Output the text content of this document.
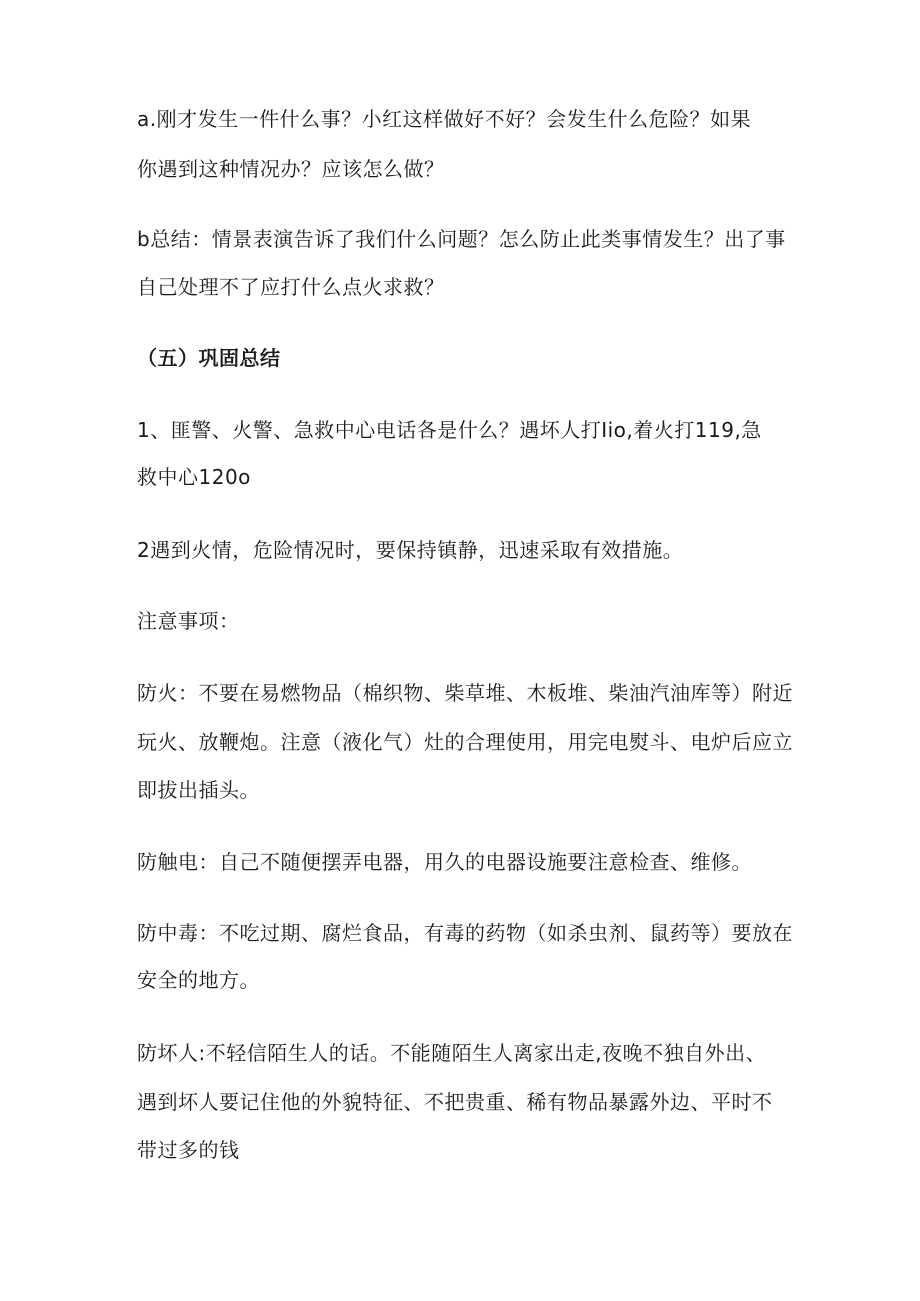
a.刚才发生一件什么事？小红这样做好不好？会发生什么危险？如果
你遇到这种情况办？应该怎么做？
b总结：情景表演告诉了我们什么问题？怎么防止此类事情发生？出了事
自己处理不了应打什么点火求救？
（五）巩固总结
1、匪警、火警、急救中心电话各是什么？遇坏人打Iio,着火打119,急
救中心120o
2遇到火情，危险情况时，要保持镇静，迅速采取有效措施。
注意事项：
防火：不要在易燃物品（棉织物、柴草堆、木板堆、柴油汽油库等）附近
玩火、放鞭炮。注意（液化气）灶的合理使用，用完电熨斗、电炉后应立
即拔出插头。
防触电：自己不随便摆弄电器，用久的电器设施要注意检查、维修。
防中毒：不吃过期、腐烂食品，有毒的药物（如杀虫剂、鼠药等）要放在
安全的地方。
防坏人:不轻信陌生人的话。不能随陌生人离家出走,夜晚不独自外出、
遇到坏人要记住他的外貌特征、不把贵重、稀有物品暴露外边、平时不
带过多的钱
